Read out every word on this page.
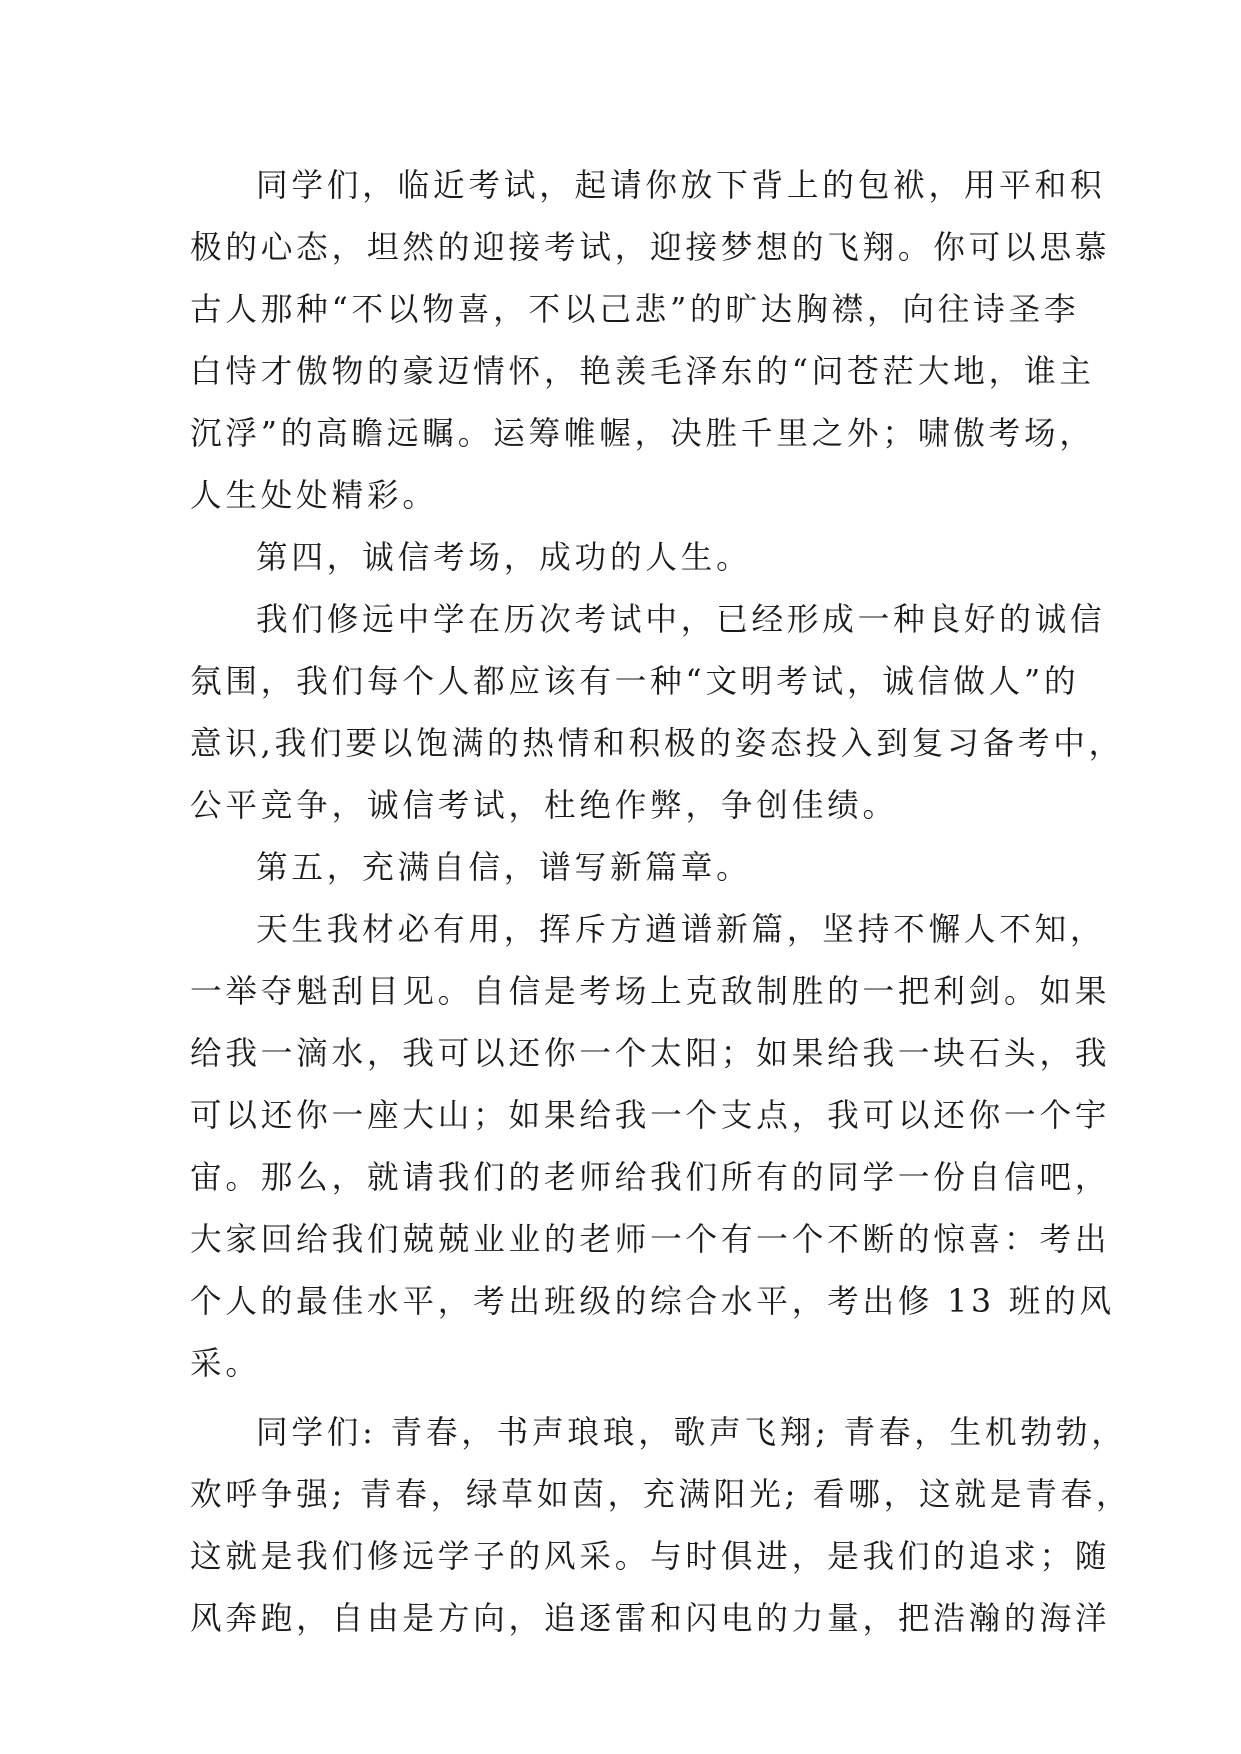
同学们，临近考试，起请你放下背上的包袱，用平和积
极的心态，坦然的迎接考试，迎接梦想的飞翔。你可以思慕
古人那种“不以物喜，不以己悲”的旷达胸襟，向往诗圣李
白恃才傲物的豪迈情怀，艳羡毛泽东的“问苍茫大地，谁主
沉浮”的高瞻远瞩。运筹帷幄，决胜千里之外；啸傲考场，
人生处处精彩。
第四，诚信考场，成功的人生。
我们修远中学在历次考试中，已经形成一种良好的诚信
氛围，我们每个人都应该有一种“文明考试，诚信做人”的
意识,我们要以饱满的热情和积极的姿态投入到复习备考中，
公平竞争，诚信考试，杜绝作弊，争创佳绩。
第五，充满自信，谱写新篇章。
天生我材必有用，挥斥方遒谱新篇，坚持不懈人不知，
一举夺魁刮目见。自信是考场上克敌制胜的一把利剑。如果
给我一滴水，我可以还你一个太阳；如果给我一块石头，我
可以还你一座大山；如果给我一个支点，我可以还你一个宇
宙。那么，就请我们的老师给我们所有的同学一份自信吧，
大家回给我们兢兢业业的老师一个有一个不断的惊喜：考出
个人的最佳水平，考出班级的综合水平，考出修 13 班的风
采。
同学们: 青春，书声琅琅，歌声飞翔; 青春，生机勃勃，
欢呼争强; 青春，绿草如茵，充满阳光; 看哪，这就是青春，
这就是我们修远学子的风采。与时俱进，是我们的追求；随
风奔跑，自由是方向，追逐雷和闪电的力量，把浩瀚的海洋
